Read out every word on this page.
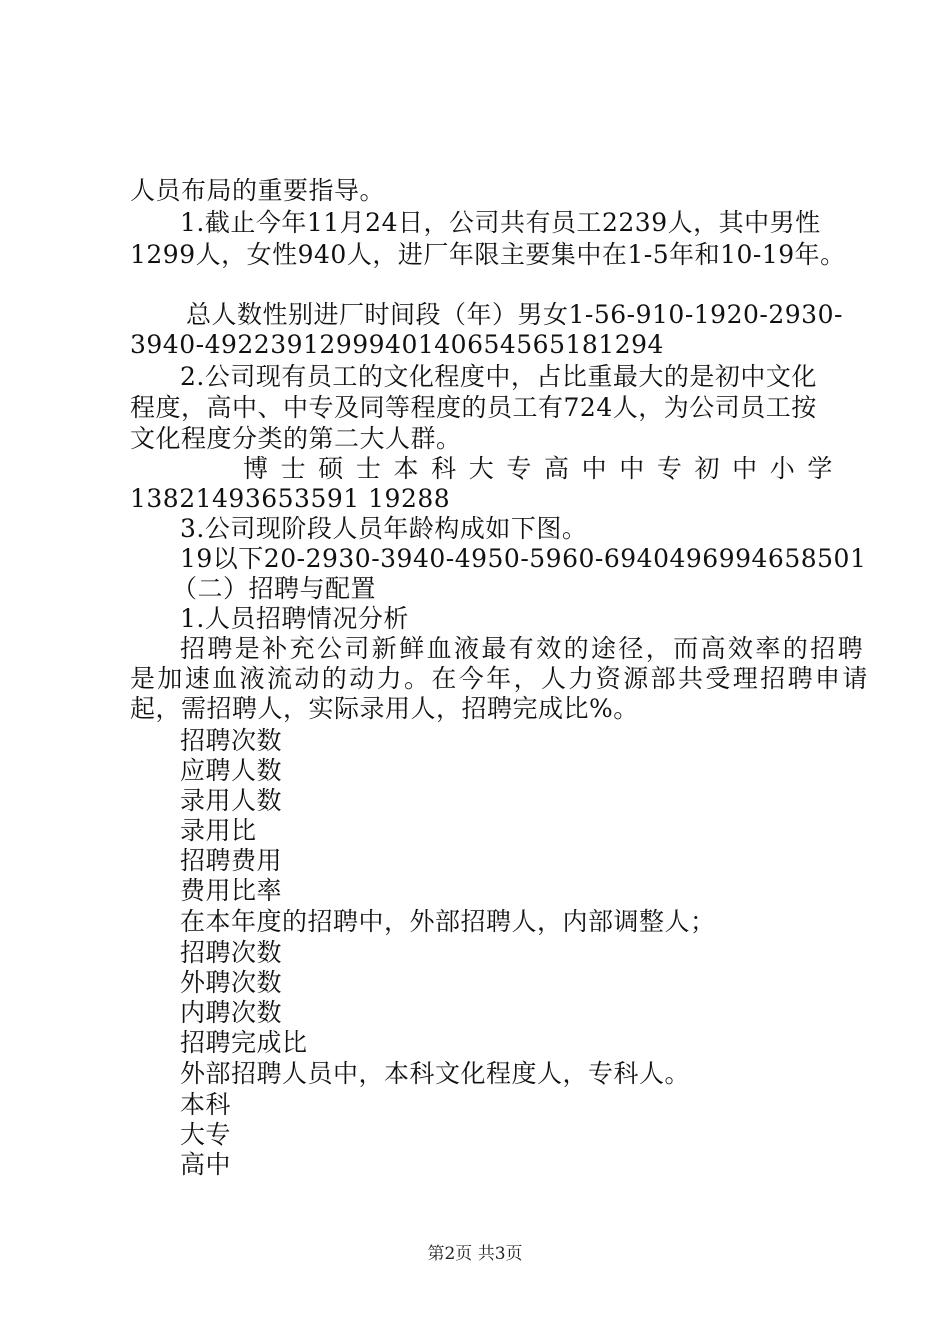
人员布局的重要指导。
1.截止今年11月24日，公司共有员工2239人，其中男性
1299人，女性940人，进厂年限主要集中在1-5年和10-19年。
总人数性别进厂时间段（年）男女1-56-910-1920-2930-
3940-4922391299940140654565181294
2.公司现有员工的文化程度中，占比重最大的是初中文化
程度，高中、中专及同等程度的员工有724人，为公司员工按
文化程度分类的第二大人群。
博 士 硕 士 本 科 大 专 高 中 中 专 初 中 小 学
13821493653591 19288
3.公司现阶段人员年龄构成如下图。
19以下20-2930-3940-4950-5960-6940496994658501
（二）招聘与配置
1.人员招聘情况分析
招聘是补充公司新鲜血液最有效的途径，而高效率的招聘
是加速血液流动的动力。在今年，人力资源部共受理招聘申请
起，需招聘人，实际录用人，招聘完成比%。
招聘次数
应聘人数
录用人数
录用比
招聘费用
费用比率
在本年度的招聘中，外部招聘人，内部调整人；
招聘次数
外聘次数
内聘次数
招聘完成比
外部招聘人员中，本科文化程度人，专科人。
本科
大专
高中
第2页 共3页
